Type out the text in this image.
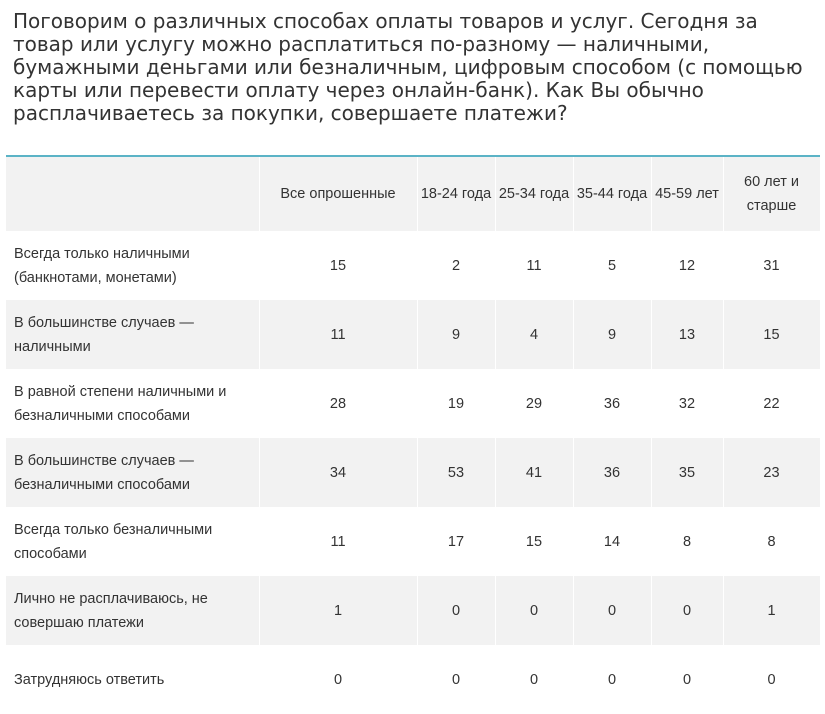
Поговорим о различных способах оплаты товаров и услуг. Сегодня за товар или услугу можно расплатиться по-разному — наличными, бумажными деньгами или безналичным, цифровым способом (с помощью карты или перевести оплату через онлайн-банк). Как Вы обычно расплачиваетесь за покупки, совершаете платежи?
	Все опрошенные	18-24 года	25-34 года	35-44 года	45-59 лет	60 лет и старше
Всегда только наличными (банкнотами, монетами)	15	2	11	5	12	31
В большинстве случаев — наличными	11	9	4	9	13	15
В равной степени наличными и безналичными способами	28	19	29	36	32	22
В большинстве случаев — безналичными способами	34	53	41	36	35	23
Всегда только безналичными способами	11	17	15	14	8	8
Лично не расплачиваюсь, не совершаю платежи	1	0	0	0	0	1
Затрудняюсь ответить	0	0	0	0	0	0
